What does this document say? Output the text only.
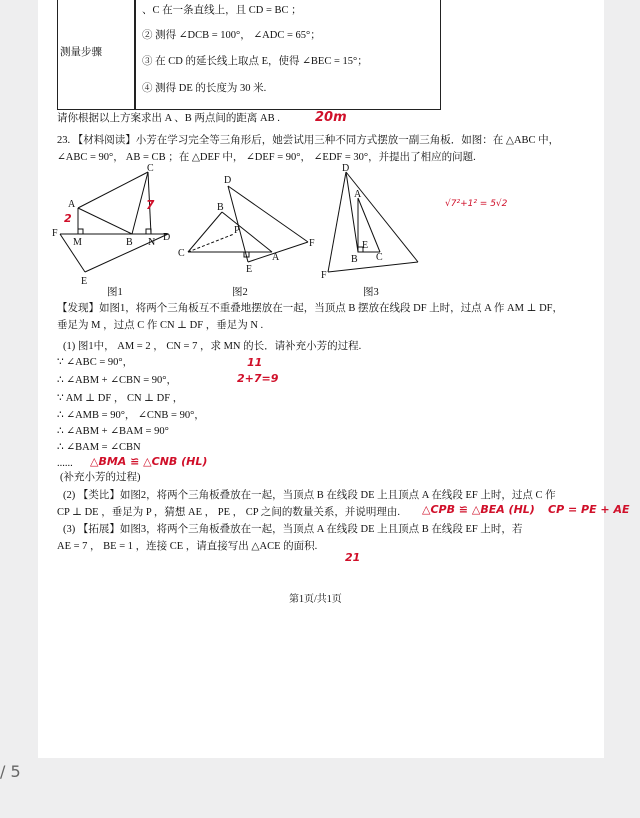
测量步骤
、C 在一条直线上，且 CD = BC ；
② 测得 ∠DCB = 100°， ∠ADC = 65°；
③ 在 CD 的延长线上取点 E，使得 ∠BEC = 15°；
④ 测得 DE 的长度为 30 米.
请你根据以上方案求出 A 、B 两点间的距离 AB .	20m
23. 【材料阅读】小芳在学习完全等三角形后，她尝试用三种不同方式摆放一副三角板．如图：在 △ABC 中，
∠ABC = 90°， AB = CB ；在 △DEF 中， ∠DEF = 90°， ∠EDF = 30°，并提出了相应的问题.
√7²+1² = 5√2
C
A
F
M	B N D
E
D
B
P
C	A
E
F
D
A
E
B C
F
图1	图2	图3
7
2
【发现】如图1，将两个三角板互不重叠地摆放在一起，当顶点 B 摆放在线段 DF 上时，过点 A 作 AM ⊥ DF，
垂足为 M ，过点 C 作 CN ⊥ DF ，垂足为 N .
(1) 图1中， AM = 2 ， CN = 7 ，求 MN 的长．请补充小芳的过程.
11
2+7=9
∵ ∠ABC = 90°，
∴ ∠ABM + ∠CBN = 90°，
∵ AM ⊥ DF ， CN ⊥ DF ，
∴ ∠AMB = 90°， ∠CNB = 90°，
∴ ∠ABM + ∠BAM = 90°
∴ ∠BAM = ∠CBN
...... △BMA ≌ △CNB (HL)
(补充小芳的过程)
(2) 【类比】如图2，将两个三角板叠放在一起，当顶点 B 在线段 DE 上且顶点 A 在线段 EF 上时，过点 C 作
CP ⊥ DE ，垂足为 P ，猜想 AE ， PE ， CP 之间的数量关系，并说明理由. △CPB ≌ △BEA (HL) CP = PE + AE
(3) 【拓展】如图3，将两个三角板叠放在一起，当顶点 A 在线段 DE 上且顶点 B 在线段 EF 上时，若
AE = 7 ， BE = 1 ，连接 CE ，请直接写出 △ACE 的面积.
21
第1页/共1页
/ 5
